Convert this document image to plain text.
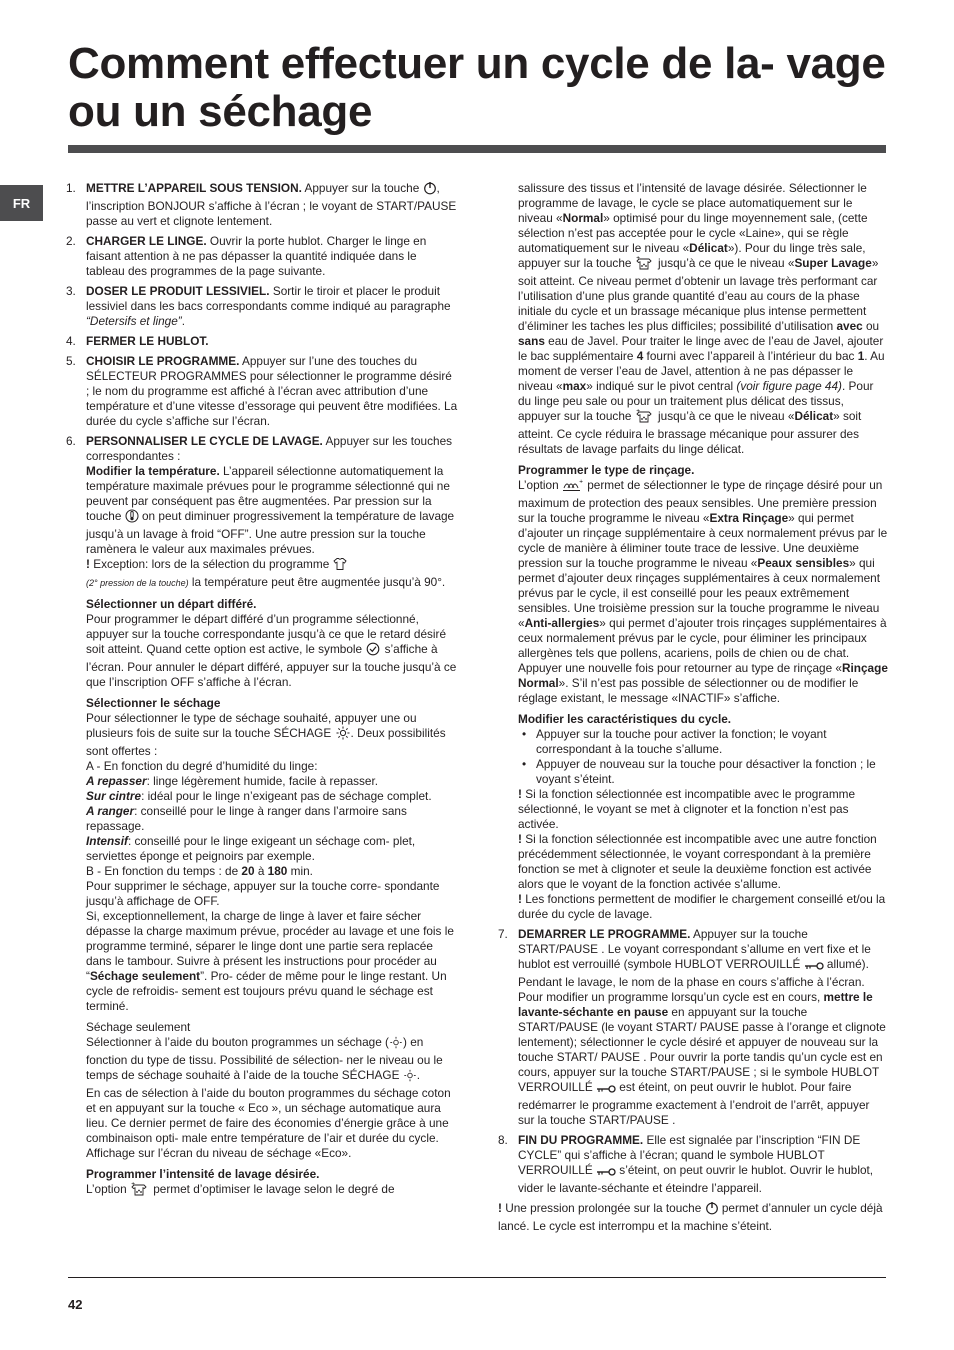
Comment effectuer un cycle de la- vage ou un séchage
FR
1. METTRE L’APPAREIL SOUS TENSION. Appuyer sur la touche , l’inscription BONJOUR s’affiche à l’écran ; le voyant de START/PAUSE passe au vert et clignote lentement.
2. CHARGER LE LINGE. Ouvrir la porte hublot. Charger le linge en faisant attention à ne pas dépasser la quantité indiquée dans le tableau des programmes de la page suivante.
3. DOSER LE PRODUIT LESSIVIEL. Sortir le tiroir et placer le produit lessiviel dans les bacs correspondants comme indiqué au paragraphe “Detersifs et linge”.
4. FERMER LE HUBLOT.
5. CHOISIR LE PROGRAMME. Appuyer sur l’une des touches du SÉLECTEUR PROGRAMMES pour sélectionner le programme désiré ; le nom du programme est affiché à l’écran avec attribution d’une température et d’une vitesse d’essorage qui peuvent être modifiées. La durée du cycle s’affiche sur l’écran.
6. PERSONNALISER LE CYCLE DE LAVAGE. Appuyer sur les touches correspondantes :

Modifier la température. L’appareil sélectionne automatiquement la température maximale prévues pour le programme sélectionné qui ne peuvent par conséquent pas être augmentées. Par pression sur la touche  on peut diminuer progressivement la température de lavage jusqu’à un lavage à froid “OFF”. Une autre pression sur la touche ramènera le valeur aux maximales prévues.

! Exception: lors de la sélection du programme
(2° pression de la touche) la température peut être augmentée jusqu’à 90°.

Sélectionner un départ différé.

Pour programmer le départ différé d’un programme sélectionné, appuyer sur la touche correspondante jusqu’à ce que le retard désiré soit atteint. Quand cette option est active, le symbole  s’affiche à l’écran. Pour annuler le départ différé, appuyer sur la touche jusqu’à ce que l’inscription OFF s’affiche à l’écran.

Sélectionner le séchage

Pour sélectionner le type de séchage souhaité, appuyer une ou plusieurs fois de suite sur la touche SÉCHAGE . Deux possibilités sont offertes :

A - En fonction du degré d’humidité du linge:

A repasser: linge légèrement humide, facile à repasser.

Sur cintre: idéal pour le linge n’exigeant pas de séchage complet.

A ranger: conseillé pour le linge à ranger dans l’armoire sans repassage.

Intensif: conseillé pour le linge exigeant un séchage com- plet, serviettes éponge et peignoirs par exemple.

B - En fonction du temps : de 20 à 180 min.

Pour supprimer le séchage, appuyer sur la touche corre- spondante jusqu’à affichage de OFF.

Si, exceptionnellement, la charge de linge à laver et faire sécher dépasse la charge maximum prévue, procéder au lavage et une fois le programme terminé, séparer le linge dont une partie sera replacée dans le tambour. Suivre à présent les instructions pour procéder au “Séchage seulement”. Pro- céder de même pour le linge restant. Un cycle de refroidis- sement est toujours prévu quand le séchage est terminé.

Séchage seulement

Sélectionner à l’aide du bouton programmes un séchage ( ) en fonction du type de tissu. Possibilité de sélection- ner le niveau ou le temps de séchage souhaité à l’aide de la touche SÉCHAGE .

En cas de sélection à l’aide du bouton programmes du séchage coton et en appuyant sur la touche « Eco », un séchage automatique aura lieu. Ce dernier permet de faire des économies d’énergie grâce à une combinaison opti- male entre température de l’air et durée du cycle. Affichage sur l’écran du niveau de séchage «Eco».

Programmer l’intensité de lavage désirée.

L’option + permet d’optimiser le lavage selon le degré de

salissure des tissus et l’intensité de lavage désirée. Sélectionner le programme de lavage, le cycle se place automatiquement sur le niveau «Normal» optimisé pour du linge moyennement sale, (cette sélection n’est pas acceptée pour le cycle «Laine», qui se règle automatiquement sur le niveau «Délicat»). Pour du linge très sale, appuyer sur la touche + jusqu’à ce que le niveau «Super Lavage» soit atteint. Ce niveau permet d’obtenir un lavage très performant car l’utilisation d’une plus grande quantité d’eau au cours de la phase initiale du cycle et un brassage mécanique plus intense permettent d’éliminer les taches les plus difficiles; possibilité d’utilisation avec ou sans eau de Javel. Pour traiter le linge avec de l’eau de Javel, ajouter le bac supplémentaire 4 fourni avec l’appareil à l’intérieur du bac 1. Au moment de verser l’eau de Javel, attention à ne pas dépasser le niveau «max» indiqué sur le pivot central (voir figure page 44). Pour du linge peu sale ou pour un traitement plus délicat des tissus, appuyer sur la touche + jusqu’à ce que le niveau «Délicat» soit atteint. Ce cycle réduira le brassage mécanique pour assurer des résultats de lavage parfaits du linge délicat.

Programmer le type de rinçage.

L’option	+ permet de sélectionner le type de rinçage désiré pour un maximum de protection des peaux sensibles. Une première pression sur la touche programme le niveau «Extra Rinçage» qui permet d’ajouter un rinçage supplémentaire à ceux normalement prévus par le cycle de manière à éliminer toute trace de lessive. Une deuxième pression sur la touche programme le niveau «Peaux sensibles» qui permet d’ajouter deux rinçages supplémentaires à ceux normalement prévus par le cycle, il est conseillé pour les peaux extrêmement sensibles. Une troisième pression sur la touche programme le niveau «Anti-allergies» qui permet d’ajouter trois rinçages supplémentaires à ceux normalement prévus par le cycle, pour éliminer les principaux allergènes tels que pollens, acariens, poils de chien ou de chat. Appuyer une nouvelle fois pour retourner au type de rinçage «Rinçage Normal». S’il n’est pas possible de sélectionner ou de modifier le réglage existant, le message «INACTIF» s’affiche.

Modifier les caractéristiques du cycle.

• Appuyer sur la touche pour activer la fonction; le voyant correspondant à la touche s’allume.

• Appuyer de nouveau sur la touche pour désactiver la fonction ; le voyant s’éteint.

! Si la fonction sélectionnée est incompatible avec le programme sélectionné, le voyant se met à clignoter et la fonction n’est pas activée.

! Si la fonction sélectionnée est incompatible avec une autre fonction précédemment sélectionnée, le voyant correspondant à la première fonction se met à clignoter et seule la deuxième fonction est activée alors que le voyant de la fonction activée s’allume.

! Les fonctions permettent de modifier le chargement conseillé et/ou la durée du cycle de lavage.

7. DEMARRER LE PROGRAMME. Appuyer sur la touche START/PAUSE . Le voyant correspondant s’allume en vert fixe et le hublot est verrouillé (symbole HUBLOT VERROUILLÉ  allumé). Pendant le lavage, le nom de la phase en cours s’affiche à l’écran. Pour modifier un programme lorsqu’un cycle est en cours, mettre le lavante-séchante en pause en appuyant sur la touche START/PAUSE (le voyant START/ PAUSE passe à l’orange et clignote lentement); sélectionner le cycle désiré et appuyer de nouveau sur la touche START/ PAUSE . Pour ouvrir la porte tandis qu’un cycle est en cours, appuyer sur la touche START/PAUSE ; si le symbole HUBLOT VERROUILLÉ  est éteint, on peut ouvrir le hublot. Pour faire redémarrer le programme exactement à l’endroit de l’arrêt, appuyer sur la touche START/PAUSE .
8. FIN DU PROGRAMME. Elle est signalée par l’inscription “FIN DE CYCLE” qui s’affiche à l’écran; quand le symbole HUBLOT VERROUILLÉ  s’éteint, on peut ouvrir le hublot. Ouvrir le hublot, vider le lavante-séchante et éteindre l’appareil.

! Une pression prolongée sur la touche  permet d’annuler un cycle déjà lancé. Le cycle est interrompu et la machine s’éteint.

42
